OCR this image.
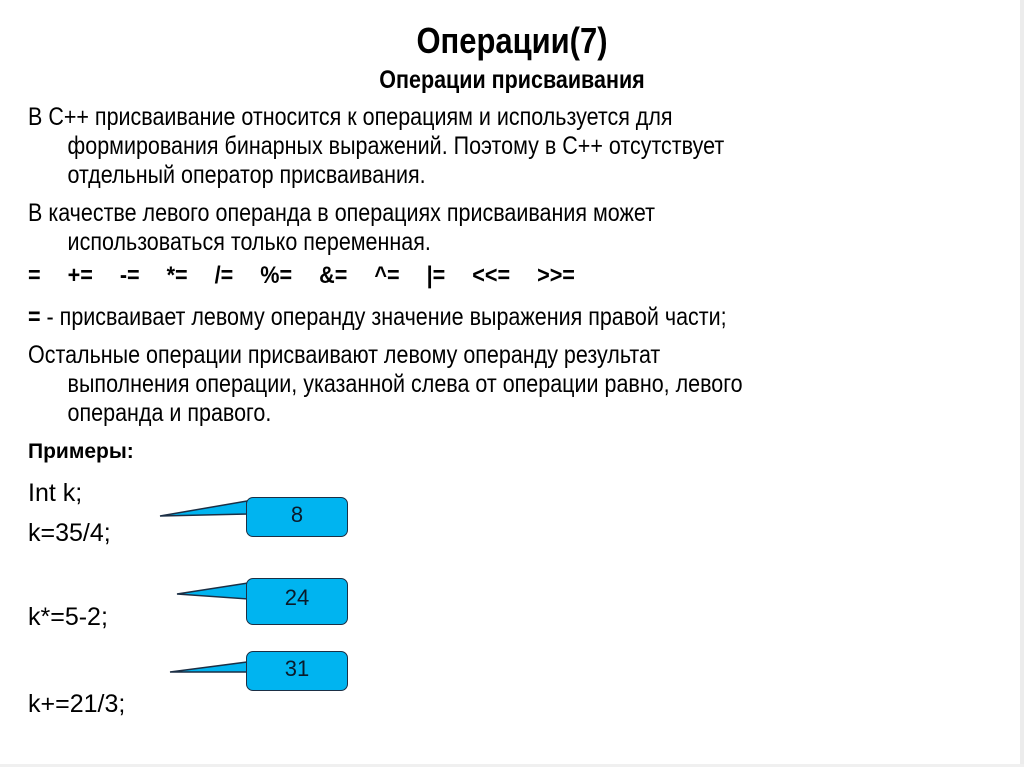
Операции(7)
Операции присваивания
В С++ присваивание относится к операциям и используется для
формирования бинарных выражений. Поэтому в С++ отсутствует
отдельный оператор присваивания.
В качестве левого операнда в операциях присваивания может
использоваться только переменная.
= += -= *= /= %= &= ^= |= <<= >>=
= - присваивает левому операнду значение выражения правой части;
Остальные операции присваивают левому операнду результат
выполнения операции, указанной слева от операции равно, левого
операнда и правого.
Примеры:
Int k;
k=35/4;
k*=5-2;
k+=21/3;
8
24
31
